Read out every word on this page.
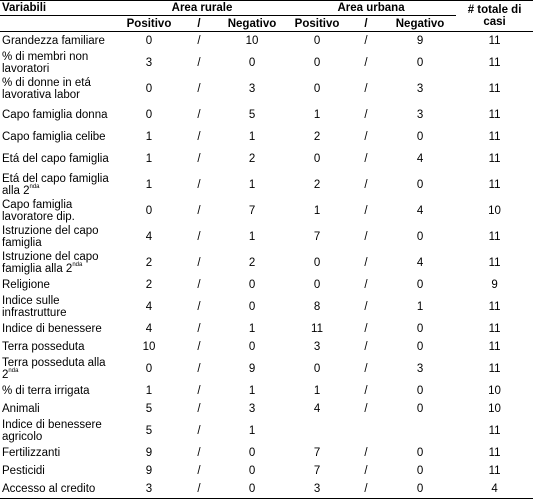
Variabili	Area rurale			Area urbana			# totale di casi
	Positivo	/	Negativo	Positivo	/	Negativo	
Grandezza familiare	0	/	10	0	/	9	11
% di membri non lavoratori	3	/	0	0	/	0	11
% di donne in etá lavorativa labor	0	/	3	0	/	3	11
Capo famiglia donna	0	/	5	1	/	3	11
Capo famiglia celibe	1	/	1	2	/	0	11
Etá del capo famiglia	1	/	2	0	/	4	11
Etá del capo famiglia alla $2^{nda}$	1	/	1	2	/	0	11
Capo famiglia lavoratore dip.	0	/	7	1	/	4	10
Istruzione del capo famiglia	4	/	1	7	/	0	11
Istruzione del capo famiglia alla $2^{nda}$	2	/	2	0	/	4	11
Religione	2	/	0	0	/	0	9
Indice sulle infrastrutture	4	/	0	8	/	1	11
Indice di benessere	4	/	1	11	/	0	11
Terra posseduta	10	/	0	3	/	0	11
Terra posseduta alla $2^{nda}$	0	/	9	0	/	3	11
% di terra irrigata	1	/	1	1	/	0	10
Animali	5	/	3	4	/	0	10
Indice di benessere agricolo	5	/	1				11
Fertilizzanti	9	/	0	7	/	0	11
Pesticidi	9	/	0	7	/	0	11
Accesso al credito	3	/	0	3	/	0	4
